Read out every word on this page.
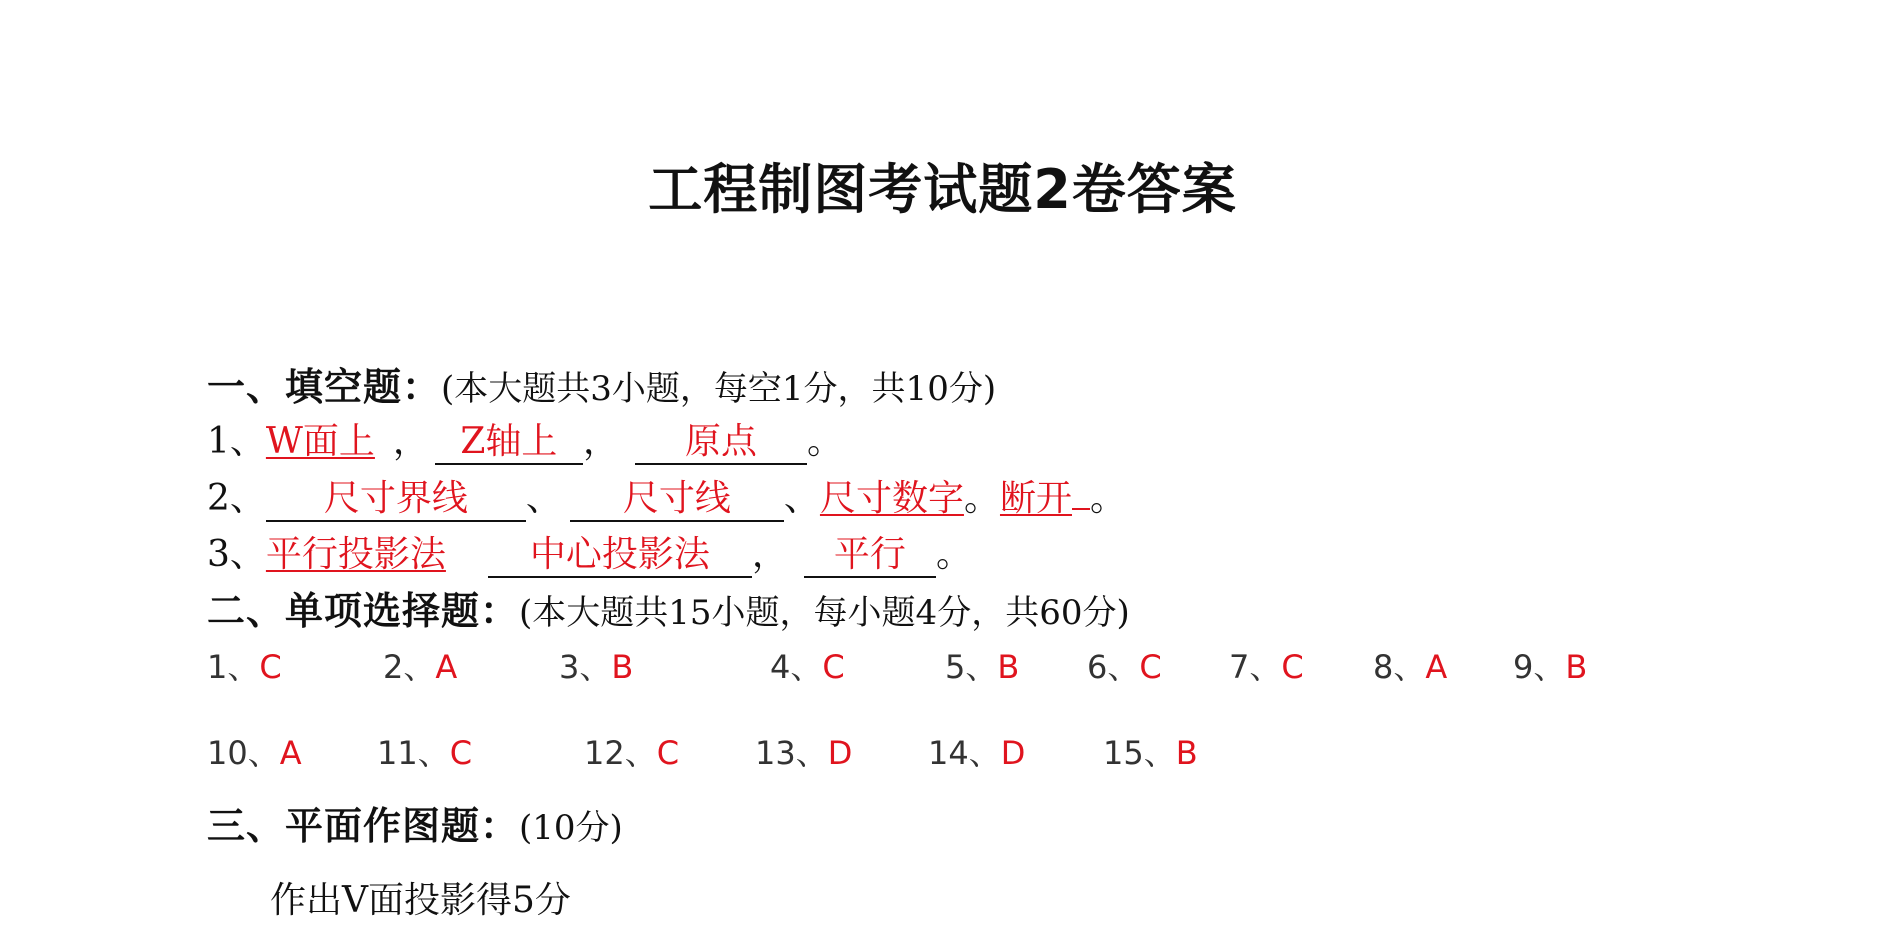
工程制图考试题2卷答案
一、填空题：(本大题共3小题，每空1分，共10分)
1、W面上 ， Z轴上 ， 原点 。
2、 尺寸界线 、 尺寸线 、尺寸数字。断开 。
3、平行投影法 中心投影法 ， 平行 。
二、单项选择题：(本大题共15小题，每小题4分，共60分)
1、C	2、A	3、B	4、C	5、B 6、C 7、C 8、A 9、B
10、A 11、C	12、C 13、D 14、D 15、B
三、平面作图题：(10分)
作出V面投影得5分
